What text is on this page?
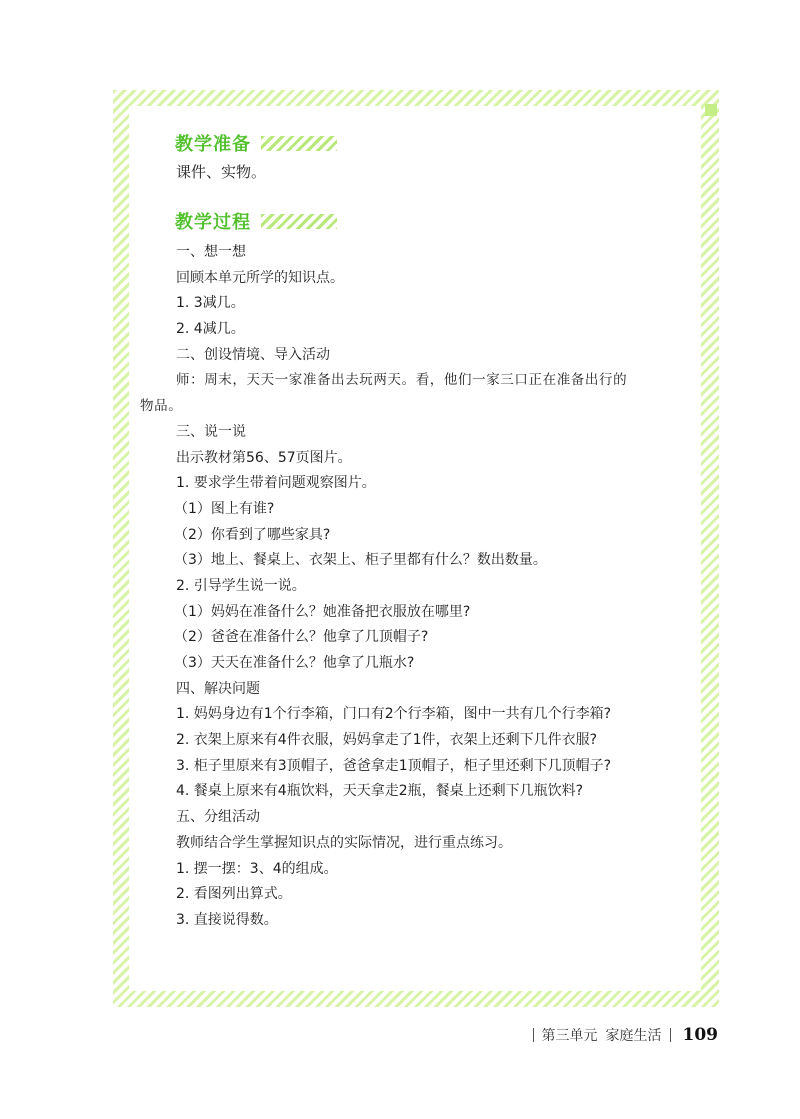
教学准备
课件、实物。
教学过程
一、想一想
回顾本单元所学的知识点。
1. 3减几。
2. 4减几。
二、创设情境、导入活动
师：周末，天天一家准备出去玩两天。看，他们一家三口正在准备出行的
物品。
三、说一说
出示教材第56、57页图片。
1. 要求学生带着问题观察图片。
（1）图上有谁?
（2）你看到了哪些家具?
（3）地上、餐桌上、衣架上、柜子里都有什么？数出数量。
2. 引导学生说一说。
（1）妈妈在准备什么？她准备把衣服放在哪里?
（2）爸爸在准备什么？他拿了几顶帽子?
（3）天天在准备什么？他拿了几瓶水?
四、解决问题
1. 妈妈身边有1个行李箱，门口有2个行李箱，图中一共有几个行李箱?
2. 衣架上原来有4件衣服，妈妈拿走了1件，衣架上还剩下几件衣服?
3. 柜子里原来有3顶帽子，爸爸拿走1顶帽子，柜子里还剩下几顶帽子?
4. 餐桌上原来有4瓶饮料，天天拿走2瓶，餐桌上还剩下几瓶饮料?
五、分组活动
教师结合学生掌握知识点的实际情况，进行重点练习。
1. 摆一摆：3、4的组成。
2. 看图列出算式。
3. 直接说得数。
第三单元 家庭生活 109
